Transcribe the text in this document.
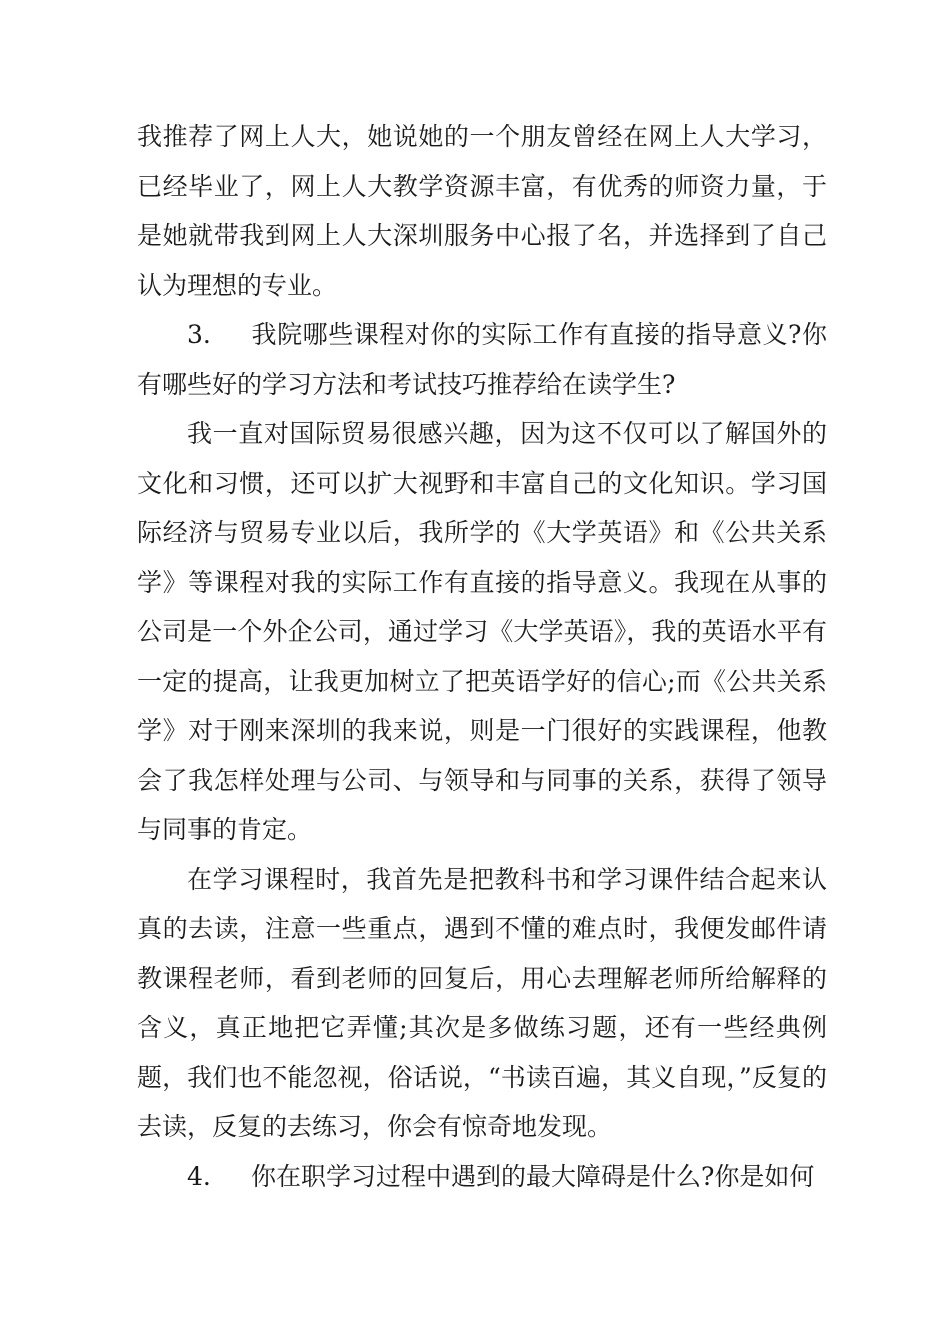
我推荐了网上人大，她说她的一个朋友曾经在网上人大学习，已经毕业了，网上人大教学资源丰富，有优秀的师资力量，于是她就带我到网上人大深圳服务中心报了名，并选择到了自己认为理想的专业。

3. 我院哪些课程对你的实际工作有直接的指导意义?你有哪些好的学习方法和考试技巧推荐给在读学生?

我一直对国际贸易很感兴趣，因为这不仅可以了解国外的文化和习惯，还可以扩大视野和丰富自己的文化知识。学习国际经济与贸易专业以后，我所学的《大学英语》和《公共关系学》等课程对我的实际工作有直接的指导意义。我现在从事的公司是一个外企公司，通过学习《大学英语》，我的英语水平有一定的提高，让我更加树立了把英语学好的信心;而《公共关系学》对于刚来深圳的我来说，则是一门很好的实践课程，他教会了我怎样处理与公司、与领导和与同事的关系，获得了领导与同事的肯定。

在学习课程时，我首先是把教科书和学习课件结合起来认真的去读，注意一些重点，遇到不懂的难点时，我便发邮件请教课程老师，看到老师的回复后，用心去理解老师所给解释的含义，真正地把它弄懂;其次是多做练习题，还有一些经典例题，我们也不能忽视，俗话说，“书读百遍，其义自现，”反复的去读，反复的去练习，你会有惊奇地发现。

4. 你在职学习过程中遇到的最大障碍是什么?你是如何
